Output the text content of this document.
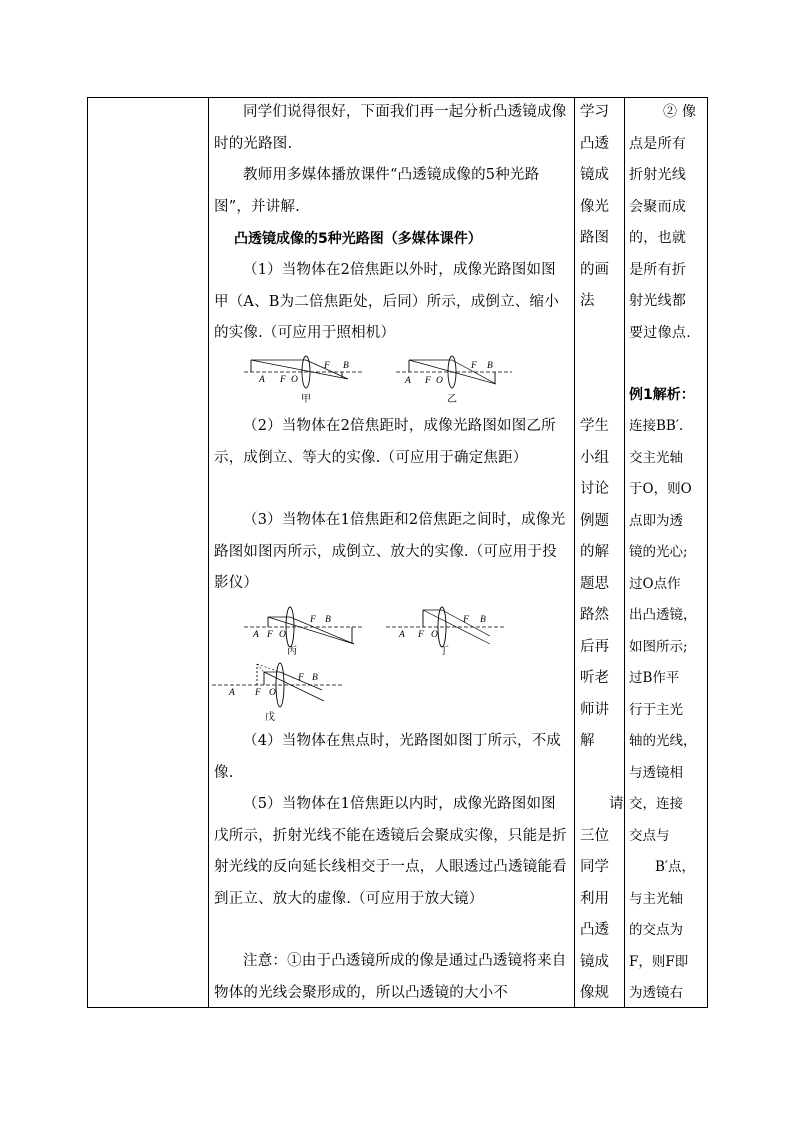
同学们说得很好，下面我们再一起分析凸透镜成像时的光路图.

教师用多媒体播放课件“凸透镜成像的5种光路图”，并讲解.

凸透镜成像的5种光路图（多媒体课件）

（1）当物体在2倍焦距以外时，成像光路图如图甲（A、B为二倍焦距处，后同）所示，成倒立、缩小的实像.（可应用于照相机）

A F O
F B
甲
A F O
F B
乙

（2）当物体在2倍焦距时，成像光路图如图乙所示，成倒立、等大的实像.（可应用于确定焦距）

（3）当物体在1倍焦距和2倍焦距之间时，成像光路图如图丙所示，成倒立、放大的实像.（可应用于投影仪）

A F O
F B
丙
A F O
F B
丁
A F O
F B
戊

（4）当物体在焦点时，光路图如图丁所示，不成像.

（5）当物体在1倍焦距以内时，成像光路图如图戊所示，折射光线不能在透镜后会聚成实像，只能是折射光线的反向延长线相交于一点，人眼透过凸透镜能看到正立、放大的虚像.（可应用于放大镜）

注意：①由于凸透镜所成的像是通过凸透镜将来自物体的光线会聚形成的，所以凸透镜的大小不

学习
凸透
镜成
像光
路图
的画
法
学生
小组
讨论
例题
的解
题思
路然
后再
听老
师讲
解
请
三位
同学
利用
凸透
镜成
像规
② 像
点是所有
折射光线
会聚而成
的，也就
是所有折
射光线都
要过像点.
例1解析：
连接BB′.
交主光轴
于O，则O
点即为透
镜的光心;
过O点作
出凸透镜，
如图所示;
过B作平
行于主光
轴的光线，
与透镜相
交，连接
交点与
B′点，
与主光轴
的交点为
F，则F即
为透镜右
